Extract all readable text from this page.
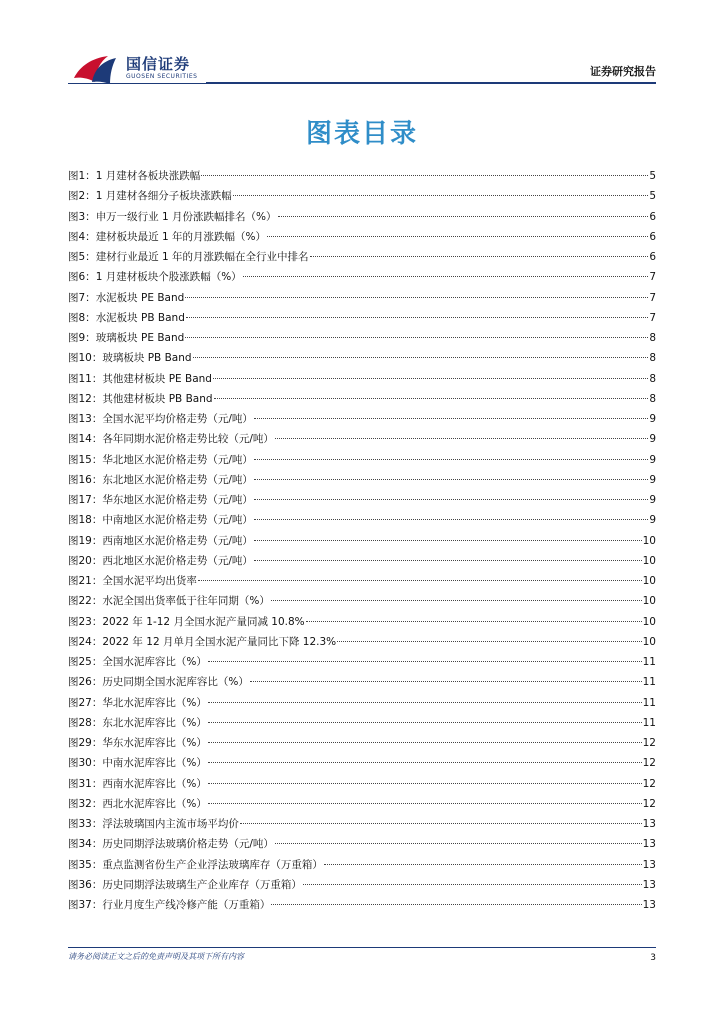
国信证券
GUOSEN SECURITIES	证券研究报告
图表目录
图1： 1 月建材各板块涨跌幅	5
图2： 1 月建材各细分子板块涨跌幅	5
图3： 申万一级行业 1 月份涨跌幅排名（%）	6
图4： 建材板块最近 1 年的月涨跌幅（%）	6
图5： 建材行业最近 1 年的月涨跌幅在全行业中排名	6
图6： 1 月建材板块个股涨跌幅（%）	7
图7： 水泥板块 PE Band	7
图8： 水泥板块 PB Band	7
图9： 玻璃板块 PE Band	8
图10： 玻璃板块 PB Band	8
图11： 其他建材板块 PE Band	8
图12： 其他建材板块 PB Band	8
图13： 全国水泥平均价格走势（元/吨）	9
图14： 各年同期水泥价格走势比较（元/吨）	9
图15： 华北地区水泥价格走势（元/吨）	9
图16： 东北地区水泥价格走势（元/吨）	9
图17： 华东地区水泥价格走势（元/吨）	9
图18： 中南地区水泥价格走势（元/吨）	9
图19： 西南地区水泥价格走势（元/吨）	10
图20： 西北地区水泥价格走势（元/吨）	10
图21： 全国水泥平均出货率	10
图22： 水泥全国出货率低于往年同期（%）	10
图23： 2022 年 1-12 月全国水泥产量同减 10.8%	10
图24： 2022 年 12 月单月全国水泥产量同比下降 12.3%	10
图25： 全国水泥库容比（%）	11
图26： 历史同期全国水泥库容比（%）	11
图27： 华北水泥库容比（%）	11
图28： 东北水泥库容比（%）	11
图29： 华东水泥库容比（%）	12
图30： 中南水泥库容比（%）	12
图31： 西南水泥库容比（%）	12
图32： 西北水泥库容比（%）	12
图33： 浮法玻璃国内主流市场平均价	13
图34： 历史同期浮法玻璃价格走势（元/吨）	13
图35： 重点监测省份生产企业浮法玻璃库存（万重箱）	13
图36： 历史同期浮法玻璃生产企业库存（万重箱）	13
图37： 行业月度生产线冷修产能（万重箱）	13
请务必阅读正文之后的免责声明及其项下所有内容	3
